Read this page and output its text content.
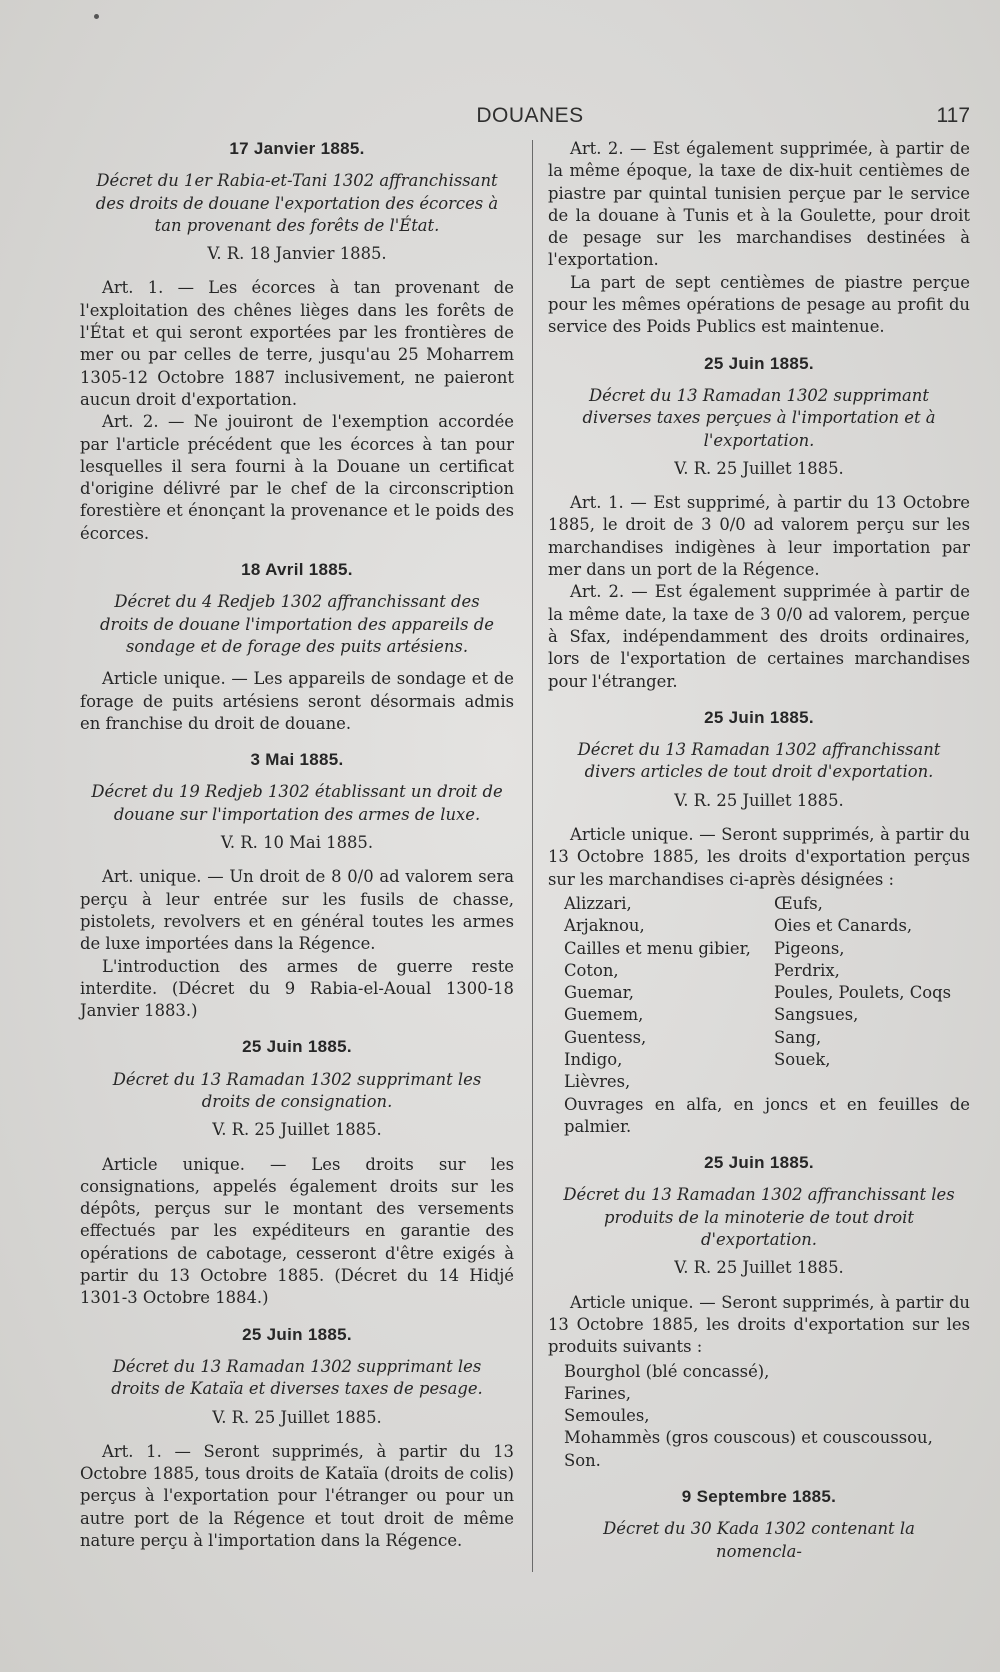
DOUANES	117
17 Janvier 1885.

Décret du 1er Rabia-et-Tani 1302 affranchissant des droits de douane l'exportation des écorces à tan provenant des forêts de l'État.

V. R. 18 Janvier 1885.

Art. 1. — Les écorces à tan provenant de l'exploitation des chênes lièges dans les forêts de l'État et qui seront exportées par les frontières de mer ou par celles de terre, jusqu'au 25 Moharrem 1305-12 Octobre 1887 inclusivement, ne paieront aucun droit d'exportation.

Art. 2. — Ne jouiront de l'exemption accordée par l'article précédent que les écorces à tan pour lesquelles il sera fourni à la Douane un certificat d'origine délivré par le chef de la circonscription forestière et énonçant la provenance et le poids des écorces.

18 Avril 1885.

Décret du 4 Redjeb 1302 affranchissant des droits de douane l'importation des appareils de sondage et de forage des puits artésiens.

Article unique. — Les appareils de sondage et de forage de puits artésiens seront désormais admis en franchise du droit de douane.

3 Mai 1885.

Décret du 19 Redjeb 1302 établissant un droit de douane sur l'importation des armes de luxe.

V. R. 10 Mai 1885.

Art. unique. — Un droit de 8 0/0 ad valorem sera perçu à leur entrée sur les fusils de chasse, pistolets, revolvers et en général toutes les armes de luxe importées dans la Régence.

L'introduction des armes de guerre reste interdite. (Décret du 9 Rabia-el-Aoual 1300-18 Janvier 1883.)

25 Juin 1885.

Décret du 13 Ramadan 1302 supprimant les droits de consignation.

V. R. 25 Juillet 1885.

Article unique. — Les droits sur les consignations, appelés également droits sur les dépôts, perçus sur le montant des versements effectués par les expéditeurs en garantie des opérations de cabotage, cesseront d'être exigés à partir du 13 Octobre 1885. (Décret du 14 Hidjé 1301-3 Octobre 1884.)

25 Juin 1885.

Décret du 13 Ramadan 1302 supprimant les droits de Kataïa et diverses taxes de pesage.

V. R. 25 Juillet 1885.

Art. 1. — Seront supprimés, à partir du 13 Octobre 1885, tous droits de Kataïa (droits de colis) perçus à l'exportation pour l'étranger ou pour un autre port de la Régence et tout droit de même nature perçu à l'importation dans la Régence.

Art. 2. — Est également supprimée, à partir de la même époque, la taxe de dix-huit centièmes de piastre par quintal tunisien perçue par le service de la douane à Tunis et à la Goulette, pour droit de pesage sur les marchandises destinées à l'exportation.

La part de sept centièmes de piastre perçue pour les mêmes opérations de pesage au profit du service des Poids Publics est maintenue.

25 Juin 1885.

Décret du 13 Ramadan 1302 supprimant diverses taxes perçues à l'importation et à l'exportation.

V. R. 25 Juillet 1885.

Art. 1. — Est supprimé, à partir du 13 Octobre 1885, le droit de 3 0/0 ad valorem perçu sur les marchandises indigènes à leur importation par mer dans un port de la Régence.

Art. 2. — Est également supprimée à partir de la même date, la taxe de 3 0/0 ad valorem, perçue à Sfax, indépendamment des droits ordinaires, lors de l'exportation de certaines marchandises pour l'étranger.

25 Juin 1885.

Décret du 13 Ramadan 1302 affranchissant divers articles de tout droit d'exportation.

V. R. 25 Juillet 1885.

Article unique. — Seront supprimés, à partir du 13 Octobre 1885, les droits d'exportation perçus sur les marchandises ci-après désignées :

Alizzari,	Œufs,
Arjaknou,	Oies et Canards,
Cailles et menu gibier,	Pigeons,
Coton,	Perdrix,
Guemar,	Poules, Poulets, Coqs
Guemem,	Sangsues,
Guentess,	Sang,
Indigo,	Souek,
Lièvres,

Ouvrages en alfa, en joncs et en feuilles de palmier.

25 Juin 1885.

Décret du 13 Ramadan 1302 affranchissant les produits de la minoterie de tout droit d'exportation.

V. R. 25 Juillet 1885.

Article unique. — Seront supprimés, à partir du 13 Octobre 1885, les droits d'exportation sur les produits suivants :

Bourghol (blé concassé),
Farines,
Semoules,
Mohammès (gros couscous) et couscoussou,
Son.
9 Septembre 1885.

Décret du 30 Kada 1302 contenant la nomencla-
